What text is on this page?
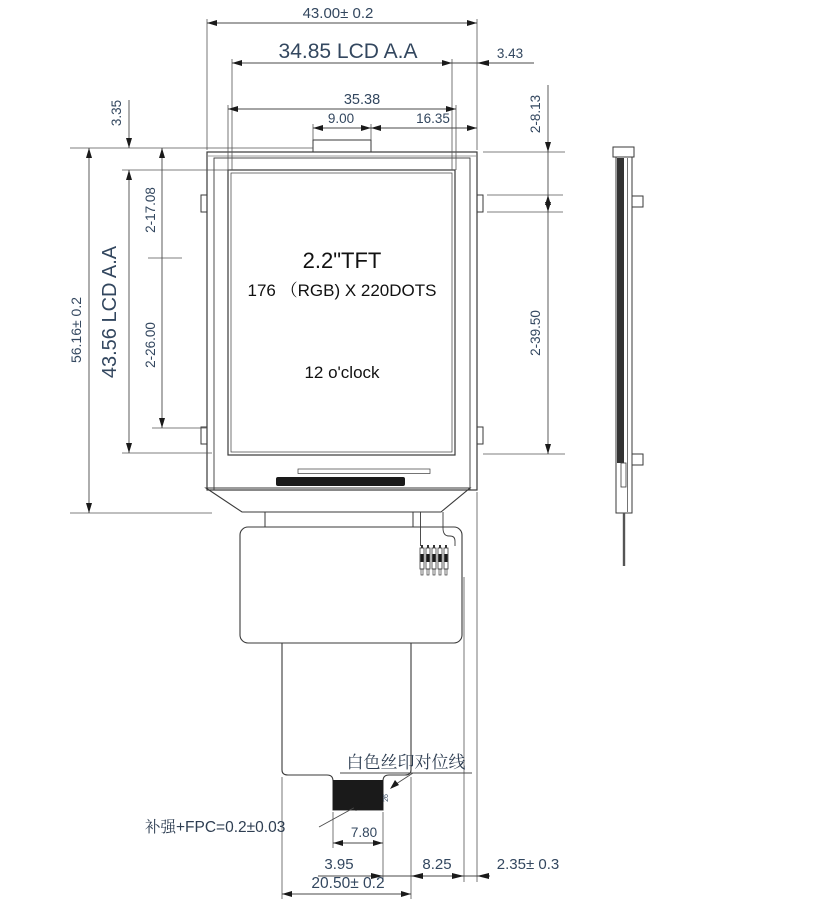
2.2"TFT
176 （RGB) X 220DOTS
12 o'clock
43.00± 0.2
34.85 LCD A.A	3.43
35.38
9.00	16.35
56.16± 0.2
3.35
43.56 LCD A.A
2-17.08
2-26.00
2-8.13
2-39.50
白色丝印对位线
补强+FPC=0.2±0.03
26
7.80
3.95	8.25	2.35± 0.3
20.50± 0.2
